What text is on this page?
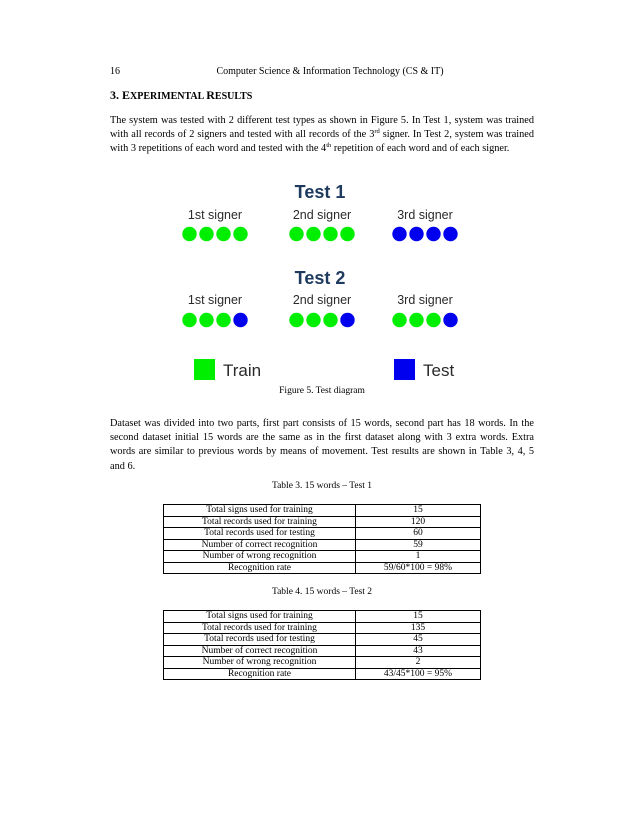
16	Computer Science & Information Technology (CS & IT)
3. EXPERIMENTAL RESULTS

The system was tested with 2 different test types as shown in Figure 5. In Test 1, system was trained with all records of 2 signers and tested with all records of the 3rd signer. In Test 2, system was trained with 3 repetitions of each word and tested with the 4th repetition of each word and of each signer.

Test 1
1st signer	2nd signer	3rd signer
Test 2
1st signer	2nd signer	3rd signer
Train	Test
Figure 5. Test diagram

Dataset was divided into two parts, first part consists of 15 words, second part has 18 words. In the second dataset initial 15 words are the same as in the first dataset along with 3 extra words. Extra words are similar to previous words by means of movement. Test results are shown in Table 3, 4, 5 and 6.

Table 3. 15 words – Test 1
Total signs used for training	15
Total records used for training	120
Total records used for testing	60
Number of correct recognition	59
Number of wrong recognition	1
Recognition rate	59/60*100 = 98%
Table 4. 15 words – Test 2
Total signs used for training	15
Total records used for training	135
Total records used for testing	45
Number of correct recognition	43
Number of wrong recognition	2
Recognition rate	43/45*100 = 95%
